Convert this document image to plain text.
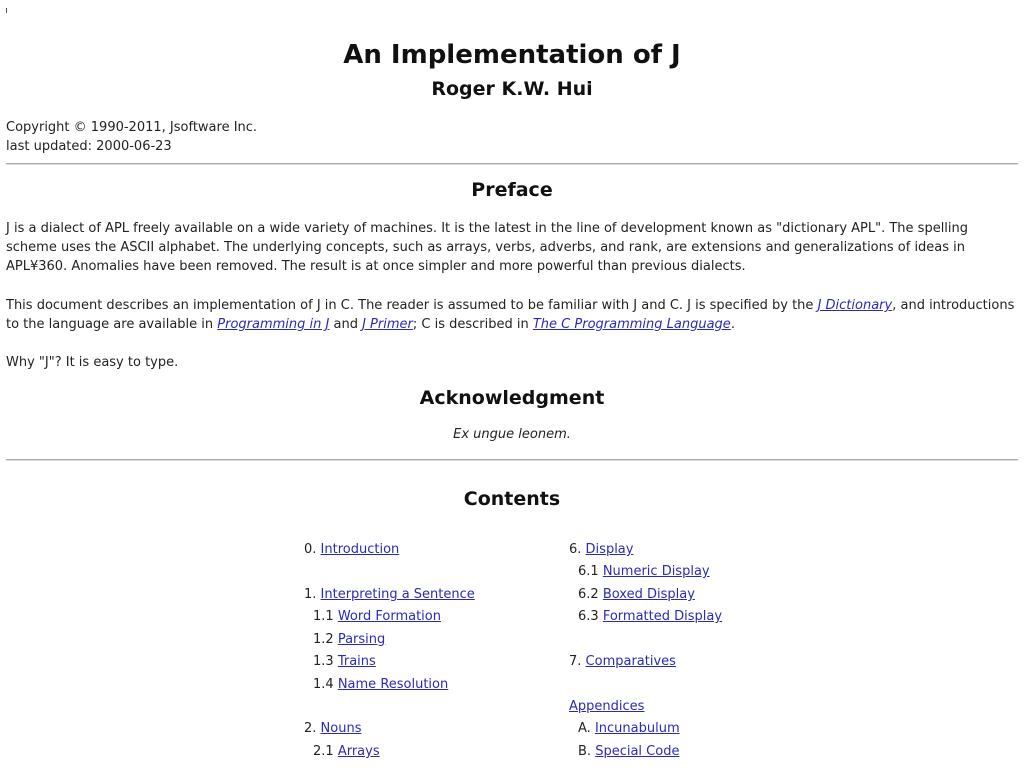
An Implementation of J
Roger K.W. Hui
Copyright © 1990-2011, Jsoftware Inc.
last updated: 2000-06-23
Preface
J is a dialect of APL freely available on a wide variety of machines. It is the latest in the line of development known as "dictionary APL". The spelling scheme uses the ASCII alphabet. The underlying concepts, such as arrays, verbs, adverbs, and rank, are extensions and generalizations of ideas in APL¥360. Anomalies have been removed. The result is at once simpler and more powerful than previous dialects.
This document describes an implementation of J in C. The reader is assumed to be familiar with J and C. J is specified by the J Dictionary, and introductions to the language are available in Programming in J and J Primer; C is described in The C Programming Language.
Why "J"? It is easy to type.
Acknowledgment
Ex ungue leonem.
Contents
0. Introduction
1. Interpreting a Sentence
1.1 Word Formation
1.2 Parsing
1.3 Trains
1.4 Name Resolution
2. Nouns
2.1 Arrays
6. Display
6.1 Numeric Display
6.2 Boxed Display
6.3 Formatted Display
7. Comparatives
Appendices
A. Incunabulum
B. Special Code
